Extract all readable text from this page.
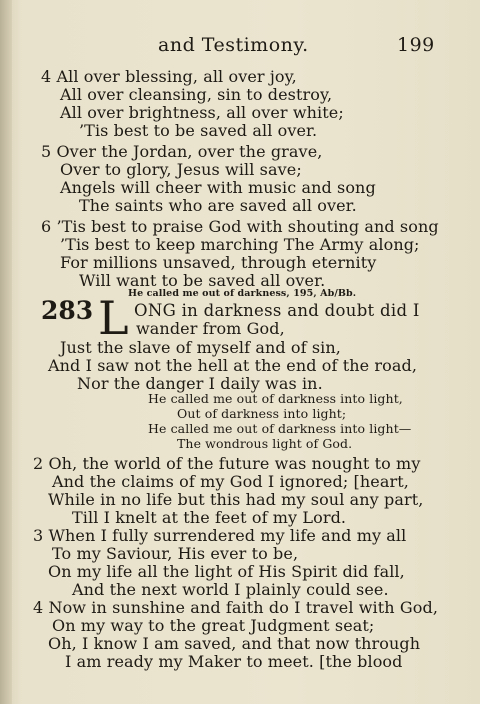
and Testimony.	199
4 All over blessing, all over joy,
All over cleansing, sin to destroy,
All over brightness, all over white;
’Tis best to be saved all over.
5 Over the Jordan, over the grave,
Over to glory, Jesus will save;
Angels will cheer with music and song
The saints who are saved all over.
6 ’Tis best to praise God with shouting and song
’Tis best to keep marching The Army along;
For millions unsaved, through eternity
Will want to be saved all over.
He called me out of darkness, 195, Ab/Bb.
283 L ONG in darkness and doubt did I
wander from God,
Just the slave of myself and of sin,
And I saw not the hell at the end of the road,
Nor the danger I daily was in.
He called me out of darkness into light,
Out of darkness into light;
He called me out of darkness into light—
The wondrous light of God.
2 Oh, the world of the future was nought to my
And the claims of my God I ignored; [heart,
While in no life but this had my soul any part,
Till I knelt at the feet of my Lord.
3 When I fully surrendered my life and my all
To my Saviour, His ever to be,
On my life all the light of His Spirit did fall,
And the next world I plainly could see.
4 Now in sunshine and faith do I travel with God,
On my way to the great Judgment seat;
Oh, I know I am saved, and that now through
I am ready my Maker to meet. [the blood
